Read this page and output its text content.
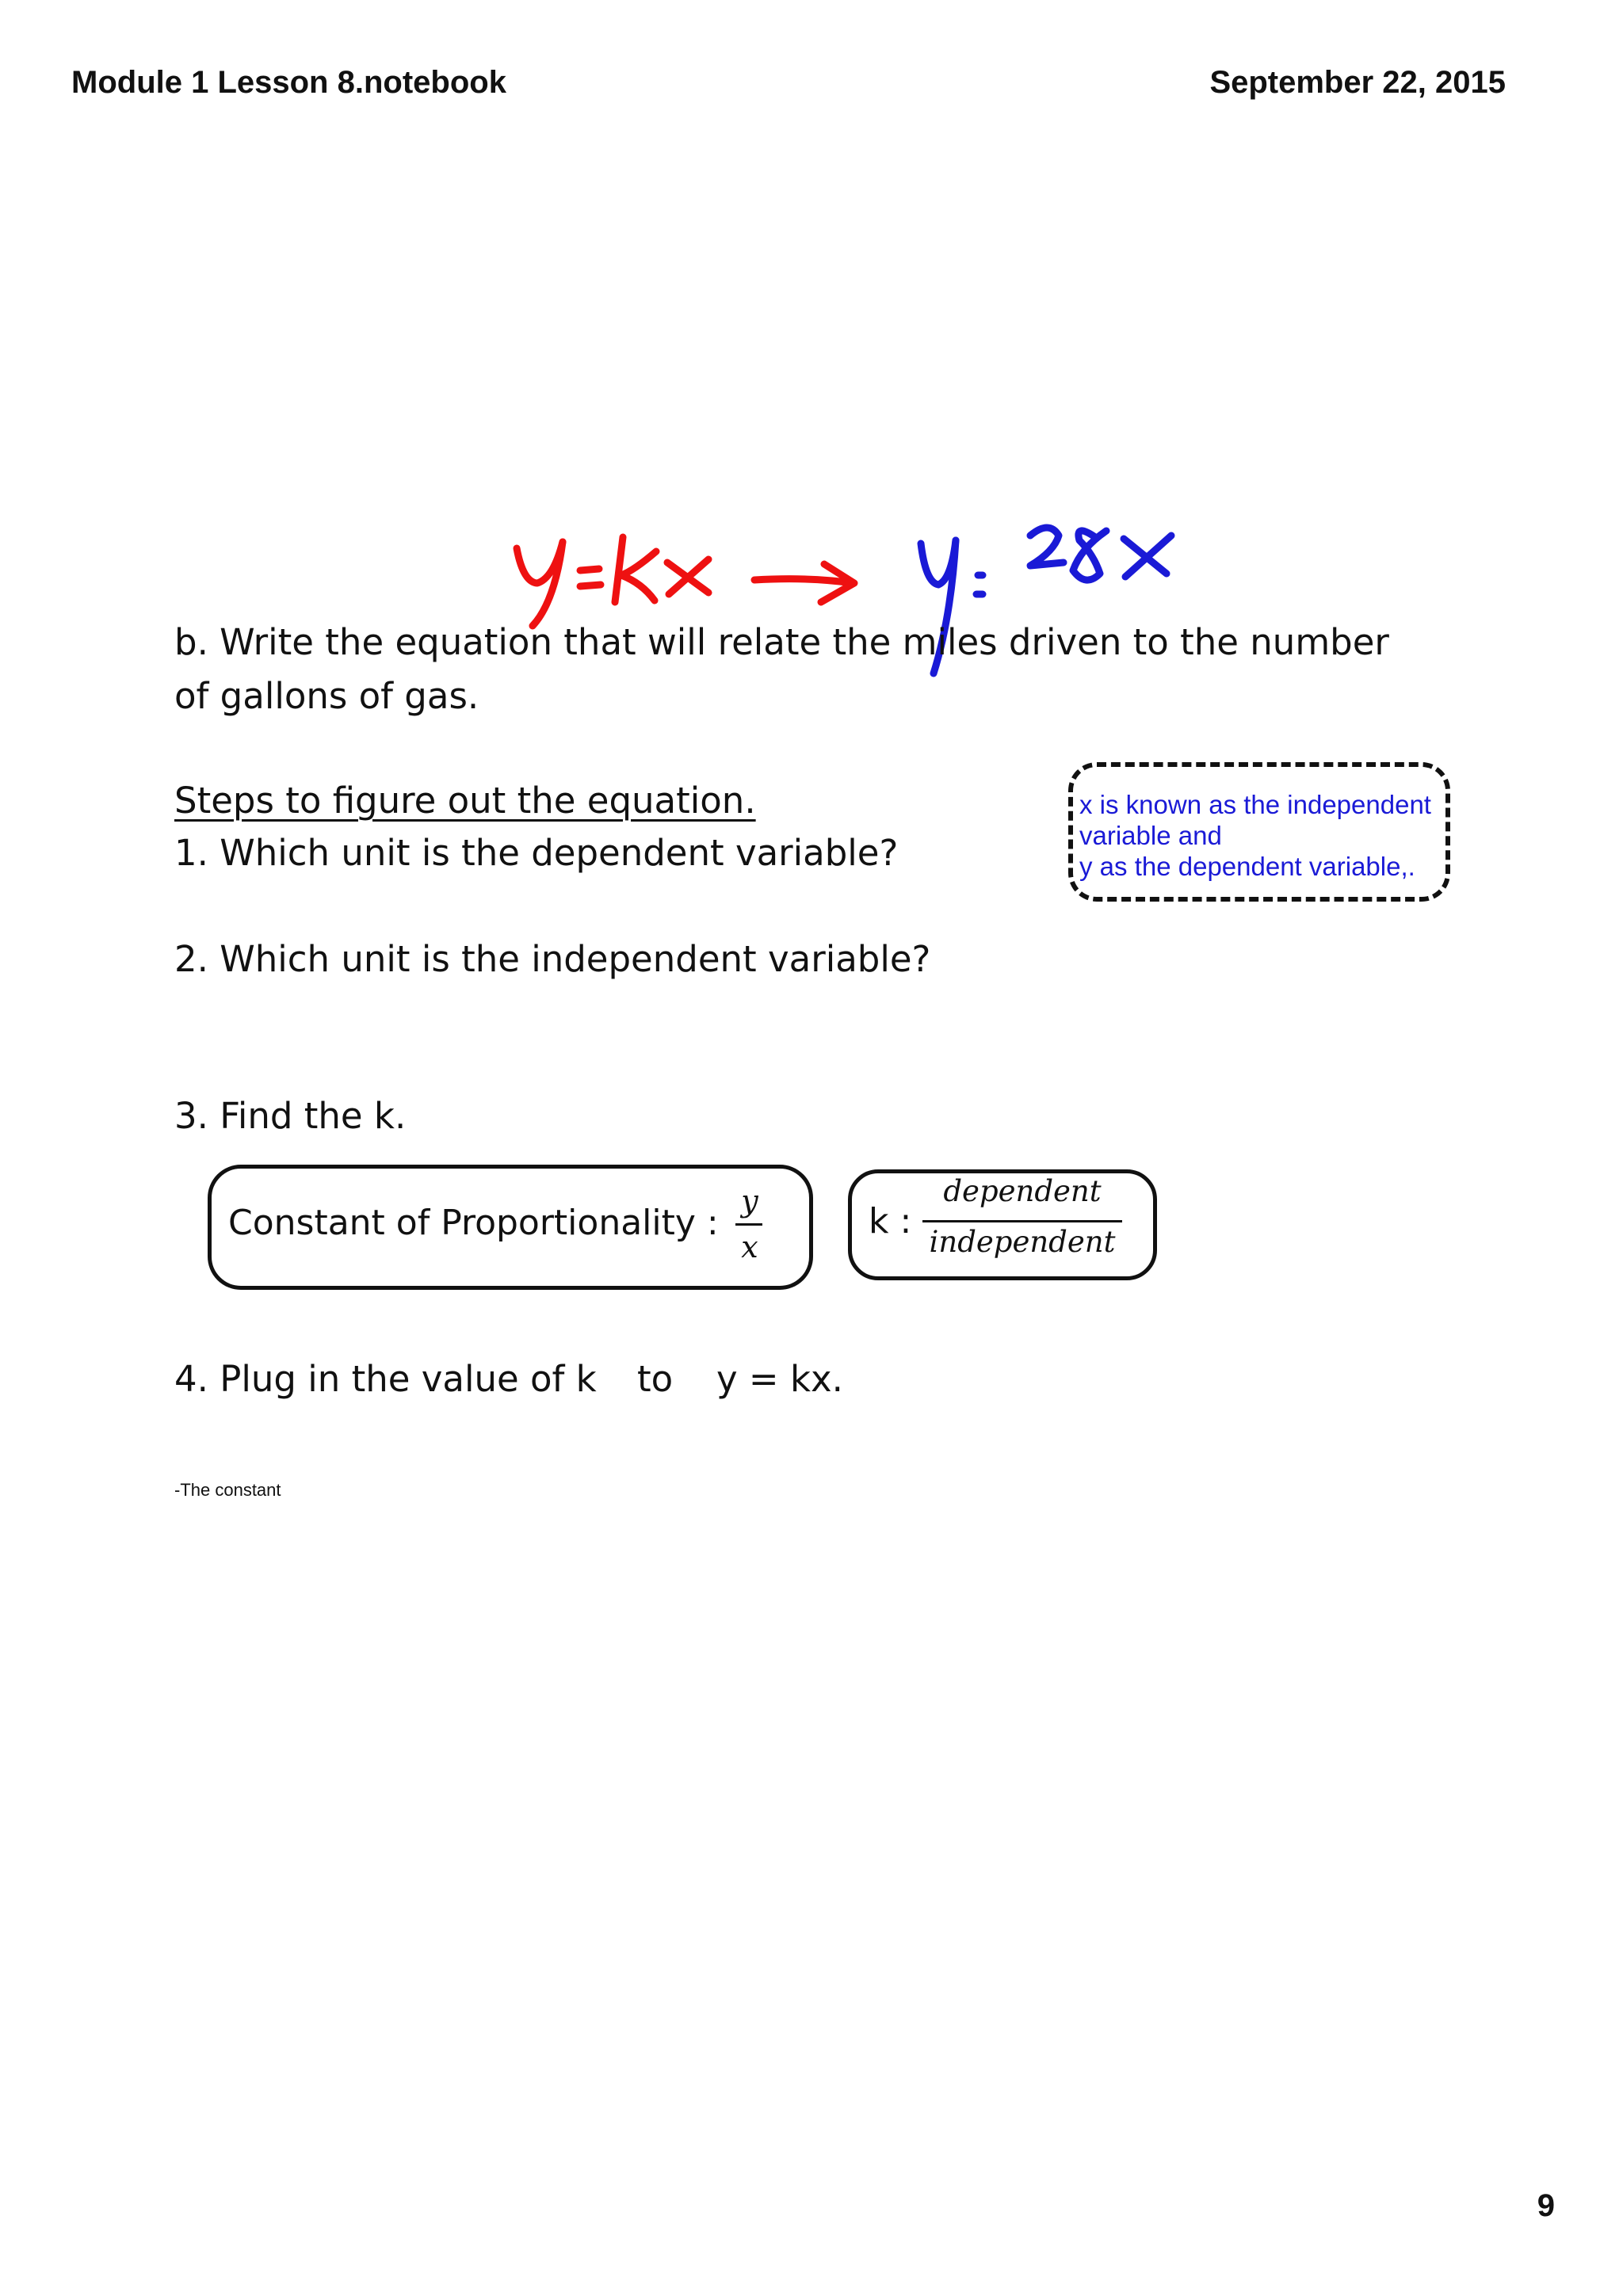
Module 1 Lesson 8.notebook	September 22, 2015
b. Write the equation that will relate the miles driven to the number
of gallons of gas.
Steps to figure out the equation.
1. Which unit is the dependent variable?
2. Which unit is the independent variable?
3. Find the k.
x is known as the independent
variable and
y as the dependent variable,.
Constant of Proportionality :
y
x
k :
dependent
independent
4. Plug in the value of k to y = kx.
-The constant
9
